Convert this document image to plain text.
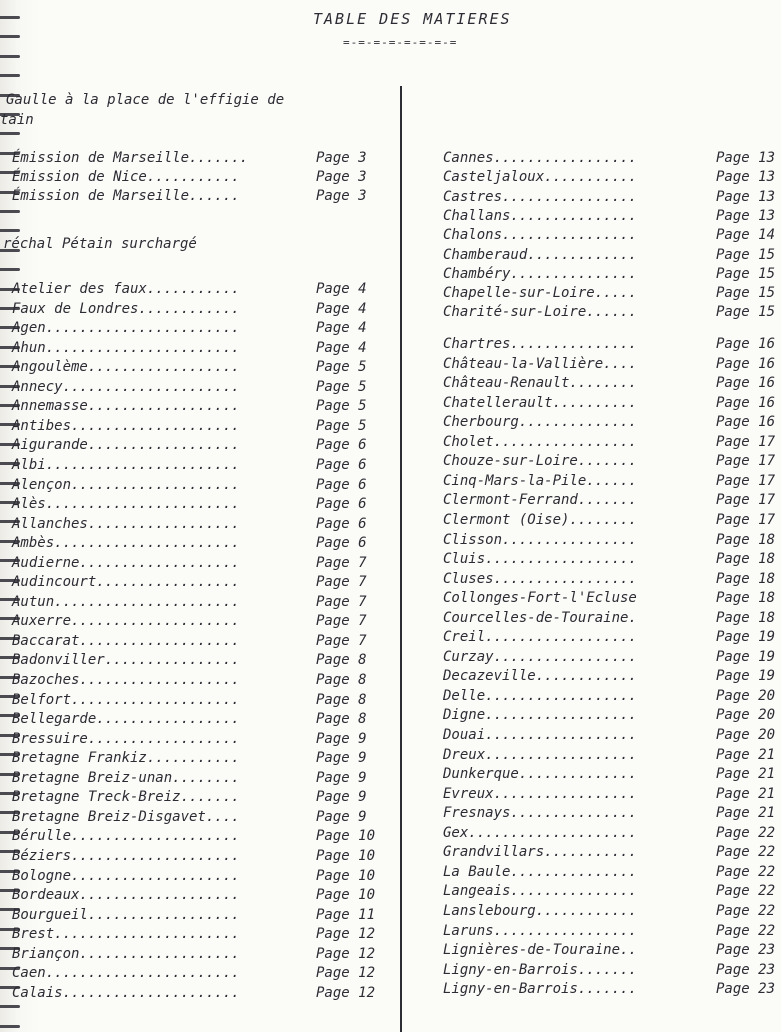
TABLE DES MATIERES
=-=-=-=-=-=-=-=
Gaulle à la place de l'effigie de
tain
Émission de Marseille.......	Page 3
Émission de Nice...........	Page 3
Émission de Marseille......	Page 3
réchal Pétain surchargé
Atelier des faux...........	Page 4
Faux de Londres............	Page 4
Agen.......................	Page 4
Ahun.......................	Page 4
Angoulème..................	Page 5
Annecy.....................	Page 5
Annemasse..................	Page 5
Antibes....................	Page 5
Aigurande..................	Page 6
Albi.......................	Page 6
Alençon....................	Page 6
Alès.......................	Page 6
Allanches..................	Page 6
Ambès......................	Page 6
Audierne...................	Page 7
Audincourt.................	Page 7
Autun......................	Page 7
Auxerre....................	Page 7
Baccarat...................	Page 7
Badonviller................	Page 8
Bazoches...................	Page 8
Belfort....................	Page 8
Bellegarde.................	Page 8
Bressuire..................	Page 9
Bretagne Frankiz...........	Page 9
Bretagne Breiz-unan........	Page 9
Bretagne Treck-Breiz.......	Page 9
Bretagne Breiz-Disgavet....	Page 9
Bérulle....................	Page 10
Béziers....................	Page 10
Bologne....................	Page 10
Bordeaux...................	Page 10
Bourgueil..................	Page 11
Brest......................	Page 12
Briançon...................	Page 12
Caen.......................	Page 12
Calais.....................	Page 12
Cannes.................	Page 13
Casteljaloux...........	Page 13
Castres................	Page 13
Challans...............	Page 13
Chalons................	Page 14
Chamberaud.............	Page 15
Chambéry...............	Page 15
Chapelle-sur-Loire.....	Page 15
Charité-sur-Loire......	Page 15
Chartres...............	Page 16
Château-la-Vallière....	Page 16
Château-Renault........	Page 16
Chatellerault..........	Page 16
Cherbourg..............	Page 16
Cholet.................	Page 17
Chouze-sur-Loire.......	Page 17
Cinq-Mars-la-Pile......	Page 17
Clermont-Ferrand.......	Page 17
Clermont (Oise)........	Page 17
Clisson................	Page 18
Cluis..................	Page 18
Cluses.................	Page 18
Collonges-Fort-l'Ecluse	Page 18
Courcelles-de-Touraine.	Page 18
Creil..................	Page 19
Curzay.................	Page 19
Decazeville............	Page 19
Delle..................	Page 20
Digne..................	Page 20
Douai..................	Page 20
Dreux..................	Page 21
Dunkerque..............	Page 21
Evreux.................	Page 21
Fresnays...............	Page 21
Gex....................	Page 22
Grandvillars...........	Page 22
La Baule...............	Page 22
Langeais...............	Page 22
Lanslebourg............	Page 22
Laruns.................	Page 22
Lignières-de-Touraine..	Page 23
Ligny-en-Barrois.......	Page 23
Ligny-en-Barrois.......	Page 23
